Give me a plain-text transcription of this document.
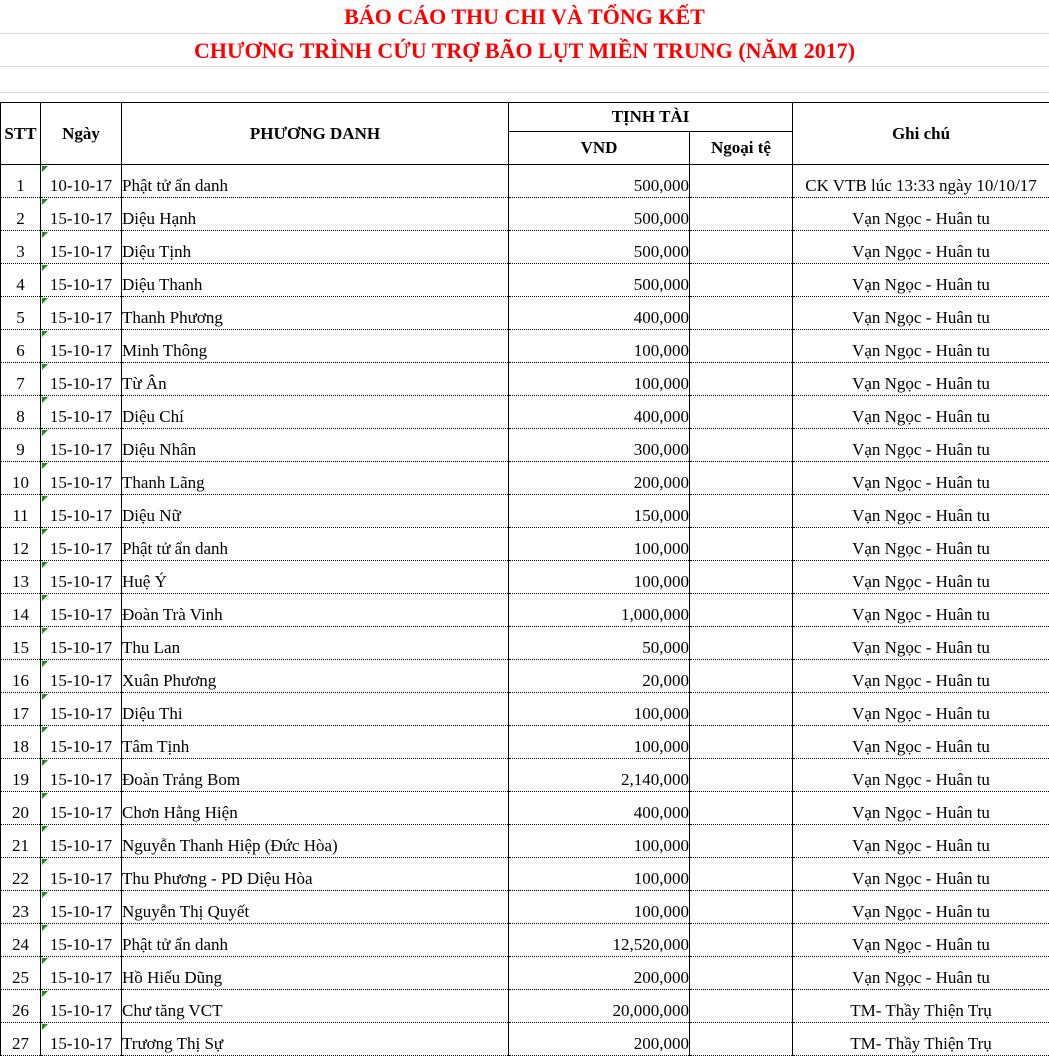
BÁO CÁO THU CHI VÀ TỔNG KẾT
CHƯƠNG TRÌNH CỨU TRỢ BÃO LỤT MIỀN TRUNG (NĂM 2017)
STT	Ngày	PHƯƠNG DANH	TỊNH TÀI		Ghi chú
			VND	Ngoại tệ	
1	10-10-17	Phật tử ẩn danh	500,000		CK VTB lúc 13:33 ngày 10/10/17
2	15-10-17	Diệu Hạnh	500,000		Vạn Ngọc - Huân tu
3	15-10-17	Diệu Tịnh	500,000		Vạn Ngọc - Huân tu
4	15-10-17	Diệu Thanh	500,000		Vạn Ngọc - Huân tu
5	15-10-17	Thanh Phương	400,000		Vạn Ngọc - Huân tu
6	15-10-17	Minh Thông	100,000		Vạn Ngọc - Huân tu
7	15-10-17	Từ Ân	100,000		Vạn Ngọc - Huân tu
8	15-10-17	Diệu Chí	400,000		Vạn Ngọc - Huân tu
9	15-10-17	Diệu Nhân	300,000		Vạn Ngọc - Huân tu
10	15-10-17	Thanh Lãng	200,000		Vạn Ngọc - Huân tu
11	15-10-17	Diệu Nữ	150,000		Vạn Ngọc - Huân tu
12	15-10-17	Phật tử ẩn danh	100,000		Vạn Ngọc - Huân tu
13	15-10-17	Huệ Ý	100,000		Vạn Ngọc - Huân tu
14	15-10-17	Đoàn Trà Vinh	1,000,000		Vạn Ngọc - Huân tu
15	15-10-17	Thu Lan	50,000		Vạn Ngọc - Huân tu
16	15-10-17	Xuân Phương	20,000		Vạn Ngọc - Huân tu
17	15-10-17	Diệu Thi	100,000		Vạn Ngọc - Huân tu
18	15-10-17	Tâm Tịnh	100,000		Vạn Ngọc - Huân tu
19	15-10-17	Đoàn Trảng Bom	2,140,000		Vạn Ngọc - Huân tu
20	15-10-17	Chơn Hằng Hiện	400,000		Vạn Ngọc - Huân tu
21	15-10-17	Nguyễn Thanh Hiệp (Đức Hòa)	100,000		Vạn Ngọc - Huân tu
22	15-10-17	Thu Phương - PD Diệu Hòa	100,000		Vạn Ngọc - Huân tu
23	15-10-17	Nguyễn Thị Quyết	100,000		Vạn Ngọc - Huân tu
24	15-10-17	Phật tử ẩn danh	12,520,000		Vạn Ngọc - Huân tu
25	15-10-17	Hồ Hiếu Dũng	200,000		Vạn Ngọc - Huân tu
26	15-10-17	Chư tăng VCT	20,000,000		TM- Thầy Thiện Trụ
27	15-10-17	Trương Thị Sự	200,000		TM- Thầy Thiện Trụ
